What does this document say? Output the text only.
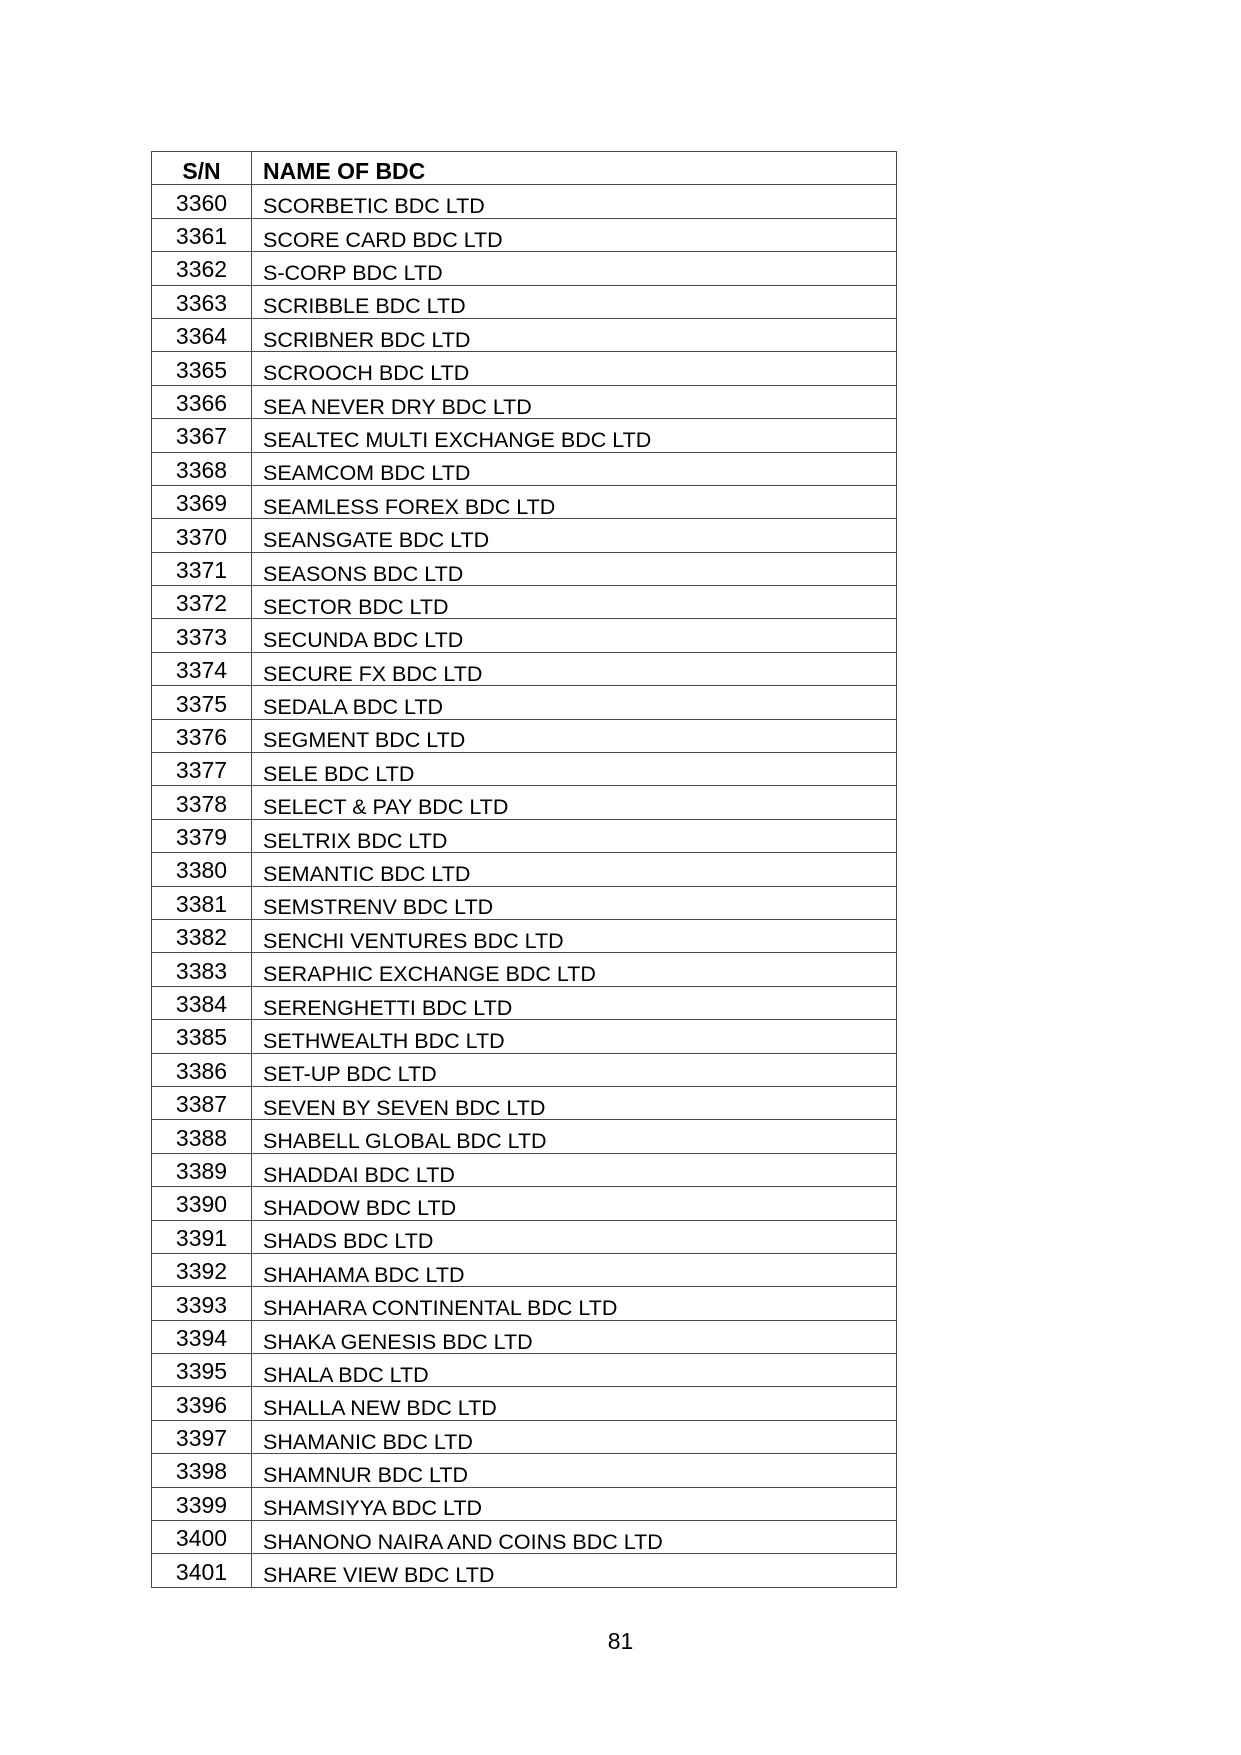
S/N	NAME OF BDC
3360	SCORBETIC BDC LTD
3361	SCORE CARD BDC LTD
3362	S-CORP BDC LTD
3363	SCRIBBLE BDC LTD
3364	SCRIBNER BDC LTD
3365	SCROOCH BDC LTD
3366	SEA NEVER DRY BDC LTD
3367	SEALTEC MULTI EXCHANGE BDC LTD
3368	SEAMCOM BDC LTD
3369	SEAMLESS FOREX BDC LTD
3370	SEANSGATE BDC LTD
3371	SEASONS BDC LTD
3372	SECTOR BDC LTD
3373	SECUNDA BDC LTD
3374	SECURE FX BDC LTD
3375	SEDALA BDC LTD
3376	SEGMENT BDC LTD
3377	SELE BDC LTD
3378	SELECT & PAY BDC LTD
3379	SELTRIX BDC LTD
3380	SEMANTIC BDC LTD
3381	SEMSTRENV BDC LTD
3382	SENCHI VENTURES BDC LTD
3383	SERAPHIC EXCHANGE BDC LTD
3384	SERENGHETTI BDC LTD
3385	SETHWEALTH BDC LTD
3386	SET-UP BDC LTD
3387	SEVEN BY SEVEN BDC LTD
3388	SHABELL GLOBAL BDC LTD
3389	SHADDAI BDC LTD
3390	SHADOW BDC LTD
3391	SHADS BDC LTD
3392	SHAHAMA BDC LTD
3393	SHAHARA CONTINENTAL BDC LTD
3394	SHAKA GENESIS BDC LTD
3395	SHALA BDC LTD
3396	SHALLA NEW BDC LTD
3397	SHAMANIC BDC LTD
3398	SHAMNUR BDC LTD
3399	SHAMSIYYA BDC LTD
3400	SHANONO NAIRA AND COINS BDC LTD
3401	SHARE VIEW BDC LTD
81
